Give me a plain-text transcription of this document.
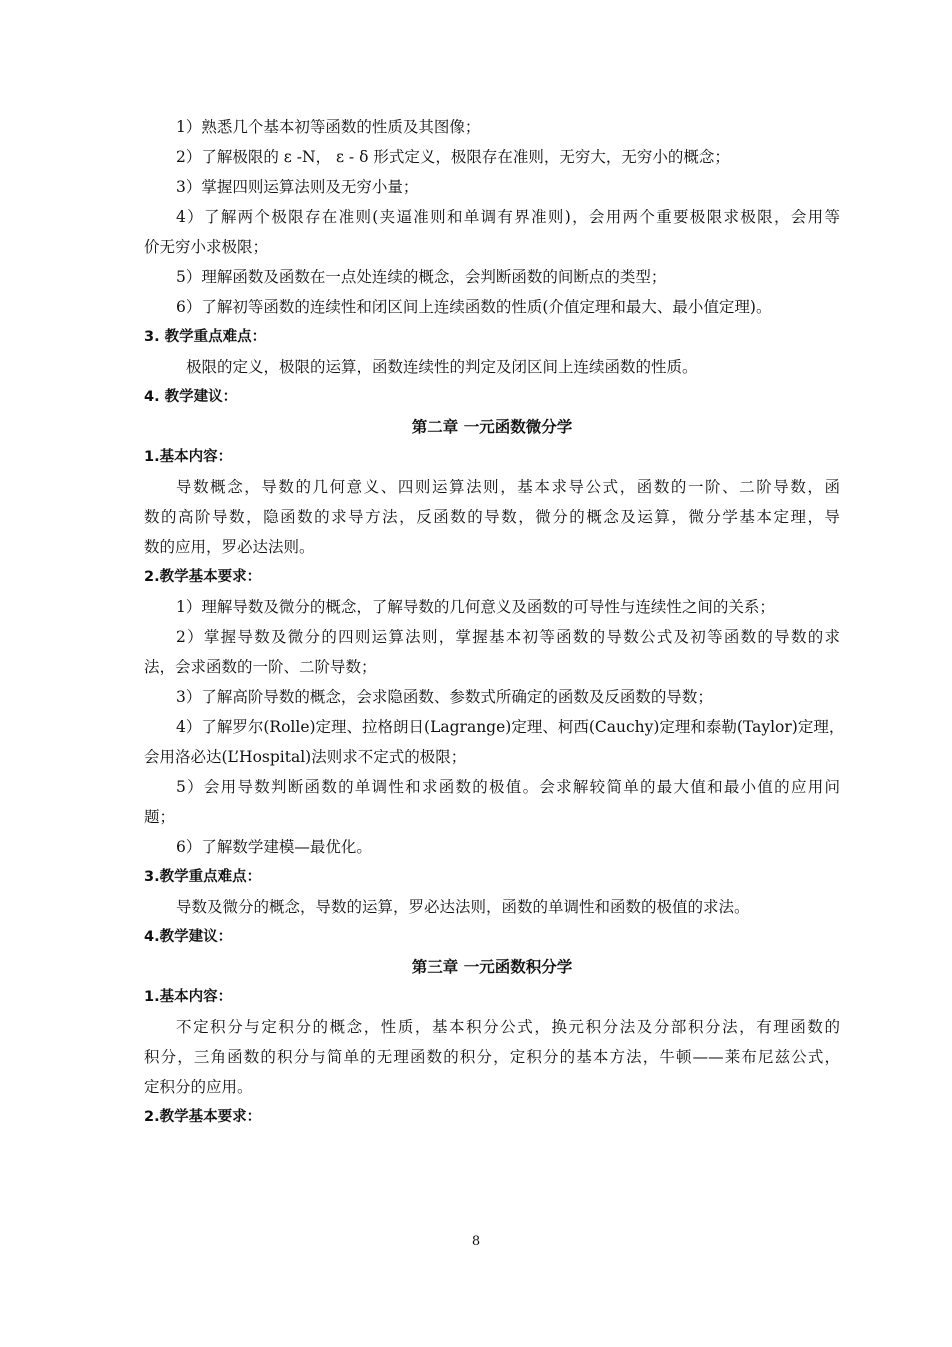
1）熟悉几个基本初等函数的性质及其图像；
2）了解极限的 ε -N， ε - δ 形式定义，极限存在准则，无穷大，无穷小的概念；
3）掌握四则运算法则及无穷小量；
4）了解两个极限存在准则(夹逼准则和单调有界准则)，会用两个重要极限求极限，会用等
价无穷小求极限；
5）理解函数及函数在一点处连续的概念，会判断函数的间断点的类型；
6）了解初等函数的连续性和闭区间上连续函数的性质(介值定理和最大、最小值定理)。
3. 教学重点难点：
极限的定义，极限的运算，函数连续性的判定及闭区间上连续函数的性质。
4. 教学建议：
第二章 一元函数微分学
1.基本内容：
导数概念，导数的几何意义、四则运算法则，基本求导公式，函数的一阶、二阶导数，函
数的高阶导数，隐函数的求导方法，反函数的导数，微分的概念及运算，微分学基本定理，导
数的应用，罗必达法则。
2.教学基本要求：
1）理解导数及微分的概念，了解导数的几何意义及函数的可导性与连续性之间的关系；
2）掌握导数及微分的四则运算法则，掌握基本初等函数的导数公式及初等函数的导数的求
法，会求函数的一阶、二阶导数；
3）了解高阶导数的概念，会求隐函数、参数式所确定的函数及反函数的导数；
4）了解罗尔(Rolle)定理、拉格朗日(Lagrange)定理、柯西(Cauchy)定理和泰勒(Taylor)定理，
会用洛必达(L’Hospital)法则求不定式的极限；
5）会用导数判断函数的单调性和求函数的极值。会求解较简单的最大值和最小值的应用问
题；
6）了解数学建模—最优化。
3.教学重点难点：
导数及微分的概念，导数的运算，罗必达法则，函数的单调性和函数的极值的求法。
4.教学建议：
第三章 一元函数积分学
1.基本内容：
不定积分与定积分的概念，性质，基本积分公式，换元积分法及分部积分法，有理函数的
积分，三角函数的积分与简单的无理函数的积分，定积分的基本方法，牛顿——莱布尼兹公式，
定积分的应用。
2.教学基本要求：
8
